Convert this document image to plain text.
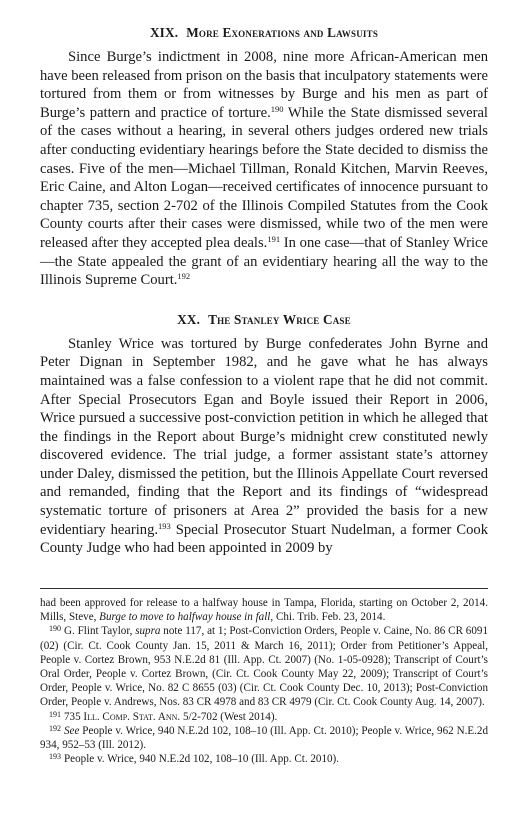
XIX. More Exonerations and Lawsuits

Since Burge’s indictment in 2008, nine more African-American men have been released from prison on the basis that inculpatory statements were tortured from them or from witnesses by Burge and his men as part of Burge’s pattern and practice of torture.$^{190}$ While the State dismissed several of the cases without a hearing, in several others judges ordered new trials after conducting evidentiary hearings before the State decided to dismiss the cases. Five of the men—Michael Tillman, Ronald Kitchen, Marvin Reeves, Eric Caine, and Alton Logan—received certificates of innocence pursuant to chapter 735, section 2-702 of the Illinois Compiled Statutes from the Cook County courts after their cases were dismissed, while two of the men were released after they accepted plea deals.$^{191}$ In one case—that of Stanley Wrice—the State appealed the grant of an evidentiary hearing all the way to the Illinois Supreme Court.$^{192}$

XX. The Stanley Wrice Case

Stanley Wrice was tortured by Burge confederates John Byrne and Peter Dignan in September 1982, and he gave what he has always maintained was a false confession to a violent rape that he did not commit. After Special Prosecutors Egan and Boyle issued their Report in 2006, Wrice pursued a successive post-conviction petition in which he alleged that the findings in the Report about Burge’s midnight crew constituted newly discovered evidence. The trial judge, a former assistant state’s attorney under Daley, dismissed the petition, but the Illinois Appellate Court reversed and remanded, finding that the Report and its findings of “widespread systematic torture of prisoners at Area 2” provided the basis for a new evidentiary hearing.$^{193}$ Special Prosecutor Stuart Nudelman, a former Cook County Judge who had been appointed in 2009 by

had been approved for release to a halfway house in Tampa, Florida, starting on October 2, 2014. Mills, Steve, Burge to move to halfway house in fall, Chi. Trib. Feb. 23, 2014.

$^{190}$ G. Flint Taylor, supra note 117, at 1; Post-Conviction Orders, People v. Caine, No. 86 CR 6091 (02) (Cir. Ct. Cook County Jan. 15, 2011 & March 16, 2011); Order from Petitioner’s Appeal, People v. Cortez Brown, 953 N.E.2d 81 (Ill. App. Ct. 2007) (No. 1-05-0928); Transcript of Court’s Oral Order, People v. Cortez Brown, (Cir. Ct. Cook County May 22, 2009); Transcript of Court’s Order, People v. Wrice, No. 82 C 8655 (03) (Cir. Ct. Cook County Dec. 10, 2013); Post-Conviction Order, People v. Andrews, Nos. 83 CR 4978 and 83 CR 4979 (Cir. Ct. Cook County Aug. 14, 2007).

$^{191}$ 735 Ill. Comp. Stat. Ann. 5/2-702 (West 2014).

$^{192}$ See People v. Wrice, 940 N.E.2d 102, 108–10 (Ill. App. Ct. 2010); People v. Wrice, 962 N.E.2d 934, 952–53 (Ill. 2012).

$^{193}$ People v. Wrice, 940 N.E.2d 102, 108–10 (Ill. App. Ct. 2010).
